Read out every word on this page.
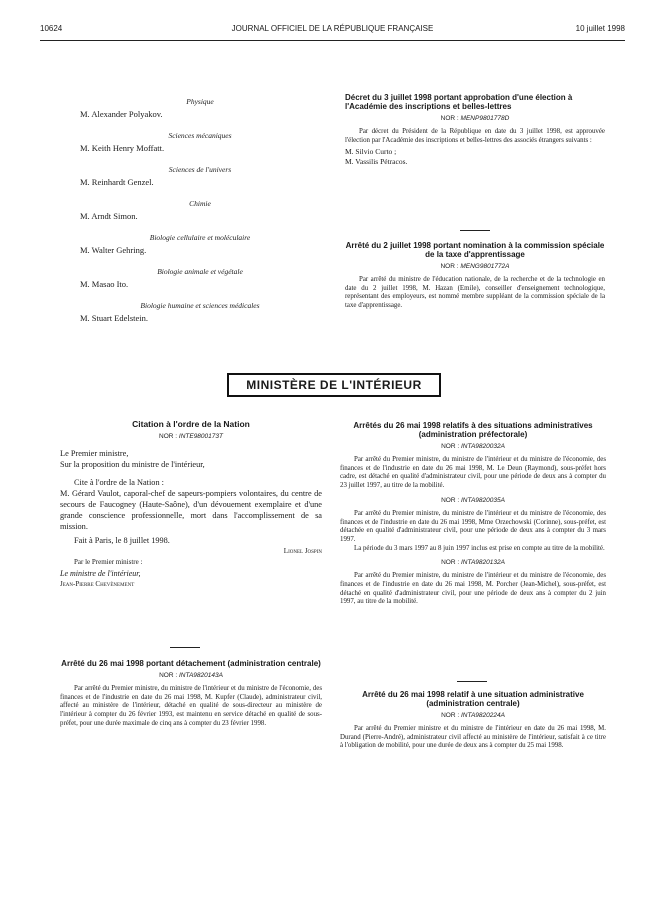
10624	JOURNAL OFFICIEL DE LA RÉPUBLIQUE FRANÇAISE	10 juillet 1998
Physique
M. Alexander Polyakov.
Sciences mécaniques
M. Keith Henry Moffatt.
Sciences de l'univers
M. Reinhardt Genzel.
Chimie
M. Arndt Simon.
Biologie cellulaire et moléculaire
M. Walter Gehring.
Biologie animale et végétale
M. Masao Ito.
Biologie humaine et sciences médicales
M. Stuart Edelstein.
Décret du 3 juillet 1998 portant approbation d'une élection à l'Académie des inscriptions et belles-lettres
NOR : MENP9801778D

Par décret du Président de la République en date du 3 juillet 1998, est approuvée l'élection par l'Académie des inscriptions et belles-lettres des associés étrangers suivants :

M. Silvio Curto ;

M. Vassilis Pétracos.

Arrêté du 2 juillet 1998 portant nomination à la commission spéciale de la taxe d'apprentissage
NOR : MENG9801772A

Par arrêté du ministre de l'éducation nationale, de la recherche et de la technologie en date du 2 juillet 1998, M. Hazan (Emile), conseiller d'enseignement technologique, représentant des employeurs, est nommé membre suppléant de la commission spéciale de la taxe d'apprentissage.

MINISTÈRE DE L'INTÉRIEUR
Citation à l'ordre de la Nation
NOR : INTE9800173T

Le Premier ministre,

Sur la proposition du ministre de l'intérieur,

Cite à l'ordre de la Nation :

M. Gérard Vaulot, caporal-chef de sapeurs-pompiers volontaires, du centre de secours de Faucogney (Haute-Saône), d'un dévouement exemplaire et d'une grande conscience professionnelle, mort dans l'accomplissement de sa mission.

Fait à Paris, le 8 juillet 1998.

Lionel Jospin

Par le Premier ministre :

Le ministre de l'intérieur,

Jean-Pierre Chevènement

Arrêté du 26 mai 1998 portant détachement (administration centrale)
NOR : INTA9820143A

Par arrêté du Premier ministre, du ministre de l'intérieur et du ministre de l'économie, des finances et de l'industrie en date du 26 mai 1998, M. Kupfer (Claude), administrateur civil, affecté au ministère de l'intérieur, détaché en qualité de sous-directeur au ministère de l'intérieur à compter du 26 février 1993, est maintenu en service détaché en qualité de sous-préfet, pour une durée maximale de cinq ans à compter du 23 février 1998.

Arrêtés du 26 mai 1998 relatifs à des situations administratives (administration préfectorale)
NOR : INTA9820032A

Par arrêté du Premier ministre, du ministre de l'intérieur et du ministre de l'économie, des finances et de l'industrie en date du 26 mai 1998, M. Le Deun (Raymond), sous-préfet hors cadre, est détaché en qualité d'administrateur civil, pour une période de deux ans à compter du 23 juillet 1997, au titre de la mobilité.

NOR : INTA9820035A

Par arrêté du Premier ministre, du ministre de l'intérieur et du ministre de l'économie, des finances et de l'industrie en date du 26 mai 1998, Mme Orzechowski (Corinne), sous-préfet, est détachée en qualité d'administrateur civil, pour une période de deux ans à compter du 3 mars 1997.

La période du 3 mars 1997 au 8 juin 1997 inclus est prise en compte au titre de la mobilité.

NOR : INTA9820132A

Par arrêté du Premier ministre, du ministre de l'intérieur et du ministre de l'économie, des finances et de l'industrie en date du 26 mai 1998, M. Porcher (Jean-Michel), sous-préfet, est détaché en qualité d'administrateur civil, pour une période de deux ans à compter du 2 juin 1997, au titre de la mobilité.

Arrêté du 26 mai 1998 relatif à une situation administrative (administration centrale)
NOR : INTA9820224A

Par arrêté du Premier ministre et du ministre de l'intérieur en date du 26 mai 1998, M. Durand (Pierre-André), administrateur civil affecté au ministère de l'intérieur, satisfait à ce titre à l'obligation de mobilité, pour une durée de deux ans à compter du 25 mai 1998.
